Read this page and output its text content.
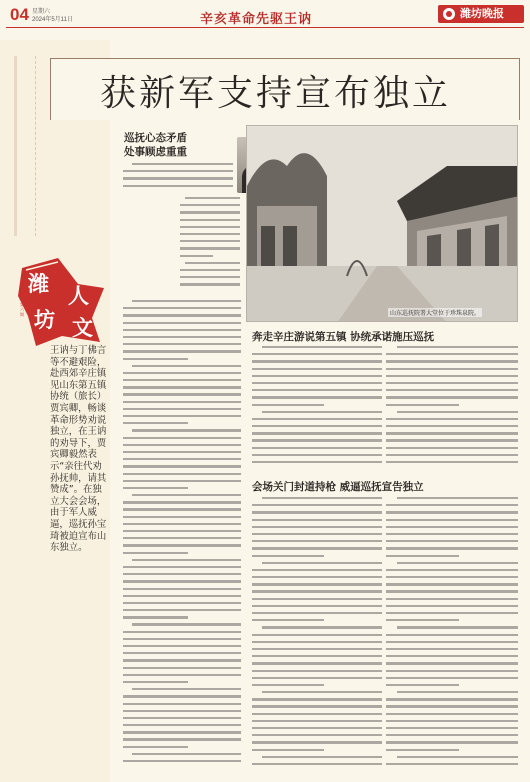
04 星期六
2024年5月11日	辛亥革命先驱王讷	潍坊晚报
获新军支持宣布独立
潍 人
坊 文
第六期
王讷与丁佛言等不避艰险，赴西郊辛庄镇见山东第五镇协统（旅长）贾宾卿，畅谈革命形势劝说独立，在王讷的劝导下，贾宾卿毅然表示“亲往代劝孙抚帅，请其赞成”。在独立大会会场，由于军人威逼，巡抚孙宝琦被迫宣布山东独立。
巡抚心态矛盾
处事顾虑重重
山东巡抚院署大堂位于珍珠泉院。
奔走辛庄游说第五镇 协统承诺施压巡抚
会场关门封道持枪 威逼巡抚宣告独立
